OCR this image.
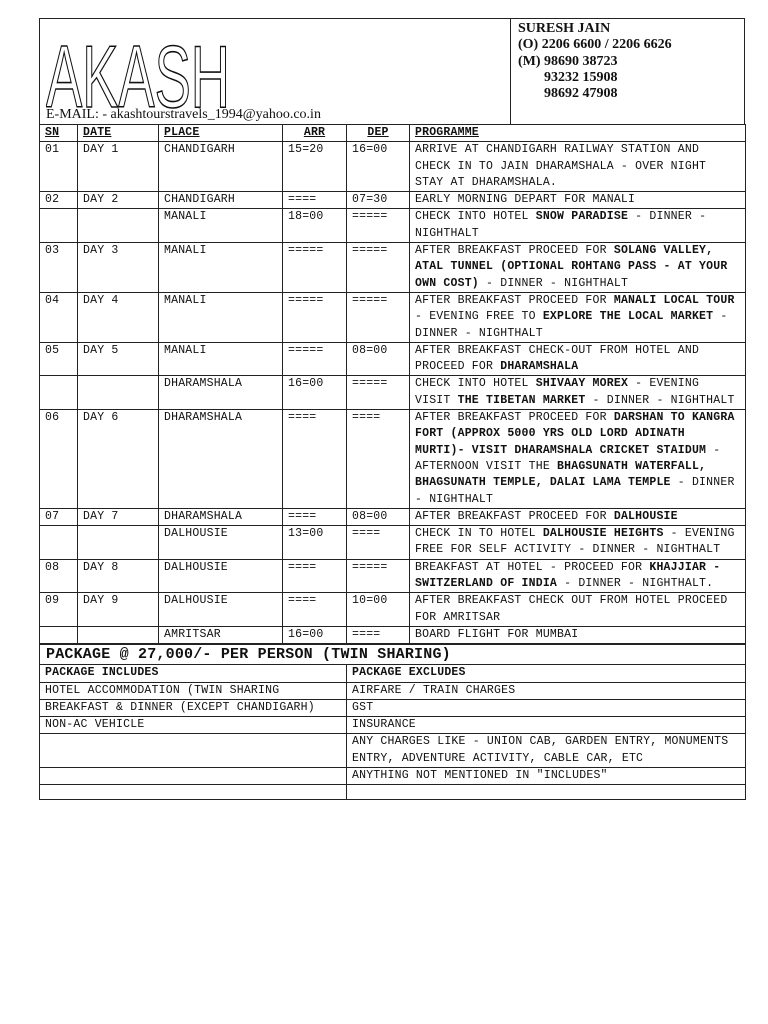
AKASH
E-MAIL: - akashtourstravels_1994@yahoo.co.in
SURESH JAIN
(O) 2206 6600 / 2206 6626
(M) 98690 38723
93232 15908
98692 47908
SN	DATE	PLACE	ARR	DEP	PROGRAMME
01	DAY 1	CHANDIGARH	15=20	16=00	ARRIVE AT CHANDIGARH RAILWAY STATION AND CHECK IN TO JAIN DHARAMSHALA - OVER NIGHT STAY AT DHARAMSHALA.
02	DAY 2	CHANDIGARH	====	07=30	EARLY MORNING DEPART FOR MANALI
		MANALI	18=00	=====	CHECK INTO HOTEL SNOW PARADISE - DINNER - NIGHTHALT
03	DAY 3	MANALI	=====	=====	AFTER BREAKFAST PROCEED FOR SOLANG VALLEY, ATAL TUNNEL (OPTIONAL ROHTANG PASS - AT YOUR OWN COST) - DINNER - NIGHTHALT
04	DAY 4	MANALI	=====	=====	AFTER BREAKFAST PROCEED FOR MANALI LOCAL TOUR - EVENING FREE TO EXPLORE THE LOCAL MARKET - DINNER - NIGHTHALT
05	DAY 5	MANALI	=====	08=00	AFTER BREAKFAST CHECK-OUT FROM HOTEL AND PROCEED FOR DHARAMSHALA
		DHARAMSHALA	16=00	=====	CHECK INTO HOTEL SHIVAAY MOREX - EVENING VISIT THE TIBETAN MARKET - DINNER - NIGHTHALT
06	DAY 6	DHARAMSHALA	====	====	AFTER BREAKFAST PROCEED FOR DARSHAN TO KANGRA FORT (APPROX 5000 YRS OLD LORD ADINATH MURTI)- VISIT DHARAMSHALA CRICKET STAIDUM - AFTERNOON VISIT THE BHAGSUNATH WATERFALL, BHAGSUNATH TEMPLE, DALAI LAMA TEMPLE - DINNER - NIGHTHALT
07	DAY 7	DHARAMSHALA	====	08=00	AFTER BREAKFAST PROCEED FOR DALHOUSIE
		DALHOUSIE	13=00	====	CHECK IN TO HOTEL DALHOUSIE HEIGHTS - EVENING FREE FOR SELF ACTIVITY - DINNER - NIGHTHALT
08	DAY 8	DALHOUSIE	====	=====	BREAKFAST AT HOTEL - PROCEED FOR KHAJJIAR - SWITZERLAND OF INDIA - DINNER - NIGHTHALT.
09	DAY 9	DALHOUSIE	====	10=00	AFTER BREAKFAST CHECK OUT FROM HOTEL PROCEED FOR AMRITSAR
		AMRITSAR	16=00	====	BOARD FLIGHT FOR MUMBAI
PACKAGE @ 27,000/- PER PERSON (TWIN SHARING)	
PACKAGE INCLUDES	PACKAGE EXCLUDES
HOTEL ACCOMMODATION (TWIN SHARING	AIRFARE / TRAIN CHARGES
BREAKFAST & DINNER (EXCEPT CHANDIGARH)	GST
NON-AC VEHICLE	INSURANCE
	ANY CHARGES LIKE - UNION CAB, GARDEN ENTRY, MONUMENTS ENTRY, ADVENTURE ACTIVITY, CABLE CAR, ETC
	ANYTHING NOT MENTIONED IN "INCLUDES"
